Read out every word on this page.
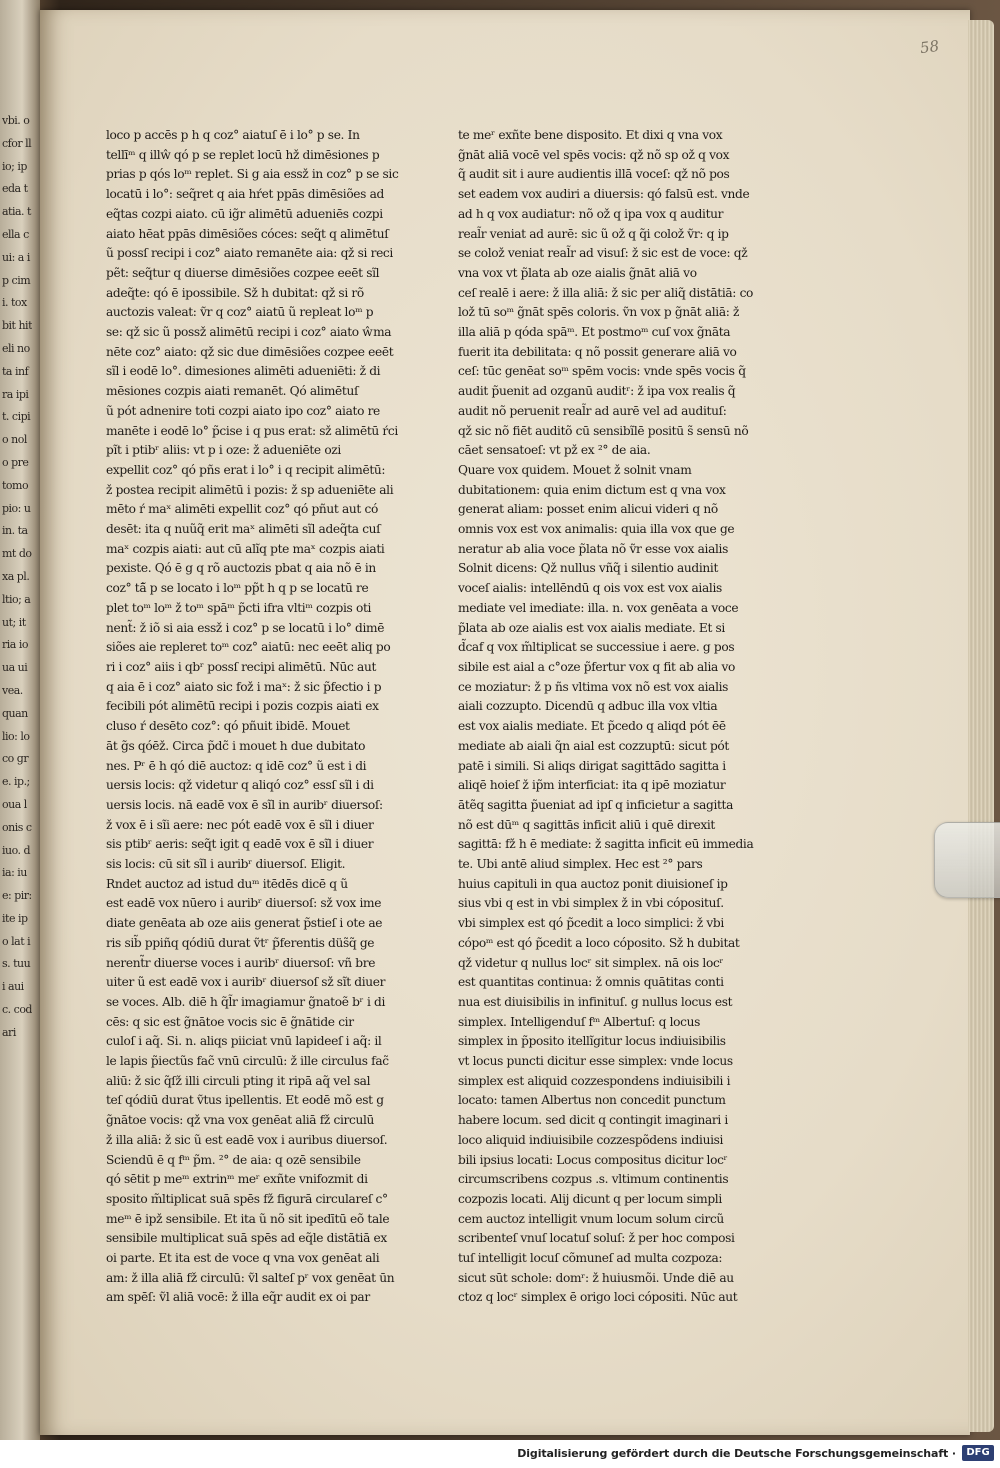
vbi. ocfor llio; ipeda tatia. tella cui: a ip cimi. toxbit hiteli nota infra ipit. cipio nolo pre tomo pio: uin. tamt doxa pl. ltio; aut; it ria ioua ui vea. quan lio: loco gre. ip.; oua lonis ciuo. dia: iue: pir: ite ipo lat is. tuui auic. cod ari
58
loco p accēs p h q coz° aiatuſ ē i lo° p se. In
tellīᵐ q illŵ qó p se replet locū hž dimēsiones p
prias p qós loᵐ replet. Si g aia essž in coz° p se sic
locatū i lo°: seq̃ret q aia hŕet ppās dimēsiões ad
eq̃tas cozpi aiato. cū ig̃r alimētū adueniēs cozpi
aiato hēat ppās dimēsiões cóces: seq̃t q alimētuſ
ũ possſ recipi i coz° aiato remanēte aia: qž si reci
pẽt: seq̃tur q diuerse dimēsiões cozpee eeēt sĩl
adeq̃te: qó ē ipossibile. Sž h dubitat: qž si rõ
auctozis valeat: ṽr q coz° aiatū ũ repleat loᵐ p
se: qž sic ũ possž alimētū recipi i coz° aiato ŵma
nēte coz° aiato: qž sic due dimēsiões cozpee eeēt
sĩl i eodē lo°. dimesiones alimēti adueniēti: ž di
mēsiones cozpis aiati remanēt. Qó alimētuſ
ũ pót adnenire toti cozpi aiato ipo coz° aiato re
manēte i eodē lo° p̃cise i q pus erat: sž alimētū ŕci
pĩt i ptibʳ aliis: vt p i oze: ž adueniēte ozi
expellit coz° qó pñs erat i lo° i q recipit alimētū:
ž postea recipit alimētū i pozis: ž sp adueniēte ali
mēto ŕ maˣ alimēti expellit coz° qó pñut aut có
desēt: ita q nuũq̃ erit maˣ alimēti sĩl adeq̃ta cuſ
maˣ cozpis aiati: aut cū alĩq pte maˣ cozpis aiati
pexiste. Qó ē g q rõ auctozis pbat q aia nõ ē in
coz° tā̃ p se locato i loᵐ pp̃t h q p se locatū re
plet toᵐ loᵐ ž toᵐ spāᵐ p̃cti ifra vltiᵐ cozpis oti
nent̃: ž iõ si aia essž i coz° p se locatū i lo° dimē
siões aie repleret toᵐ coz° aiatū: nec eeēt aliq po
ri i coz° aiis i qbʳ possſ recipi alimētū. Nūc aut
q aia ē i coz° aiato sic fož i maˣ: ž sic p̃fectio i p
fecibili pót alimētū recipi i pozis cozpis aiati ex
cluso ŕ desēto coz°: qó pñuit ibidē. Mouet
āt g̃s qóēž. Circa p̃dc̃ i mouet h due dubitato
nes. Pʳ ē h qó diē auctoz: q idē coz° ũ est i di
uersis locis: qž videtur q aliqó coz° essſ sĩl i di
uersis locis. nā eadē vox ē sĩl in auribʳ diuersoſ:
ž vox ē i sĩi aere: nec pót eadē vox ē sĩl i diuer
sis ptibʳ aeris: seq̃t igit q eadē vox ē sĩl i diuer
sis locis: cū sit sĩl i auribʳ diuersoſ. Eligit.
Rndet auctoz ad istud duᵐ itēdēs dicē q ũ
est eadē vox nūero i auribʳ diuersoſ: sž vox ime
diate genēata ab oze aiis generat p̃stieſ i ote ae
ris sib̃ ppiñq qódiū durat ṽtʳ p̃ferentis düs̃q̃ ge
nerent̃r diuerse voces i auribʳ diuersoſ: vñ bre
uiter ũ est eadē vox i auribʳ diuersoſ sž sĩt diuer
se voces. Alb. diē h q̃l̃r imagiamur g̃natoẽ bʳ i di
cēs: q sic est g̃nātoe vocis sic ē g̃nātide cir
culoſ i aq̃. Si. n. aliqs piiciat vnū lapideeſ i aq̃: il
le lapis p̃iectũs fac̃ vnū circulū: ž ille circulus fac̃
aliū: ž sic q̃ſž illi circuli pting it ripā aq̃ vel sal
teſ qódiū durat ṽtus ipellentis. Et eodē mõ est g
g̃nātoe vocis: qž vna vox genēat aliā fž circulū
ž illa aliā: ž sic ũ est eadē vox i auribus diuersoſ.
Sciendū ē q fᵐ p̃m. ²° de aia: q ozē sensibile
qó sētit p meᵐ extrinᵐ meʳ exñte vnifozmit di
sposito m̃ltiplicat suā spēs fž figurā circulareſ c°
meᵐ ē ipž sensibile. Et ita ũ nõ sit ipedītū eõ tale
sensibile multiplicat suā spēs ad eq̃le distātiā ex
oi parte. Et ita est de voce q vna vox genēat ali
am: ž illa aliā fž circulū: ṽl salteſ pʳ vox genēat ūn
am spēſ: ṽl aliā vocē: ž illa eq̃r audit ex oi par
te meʳ exñte bene disposito. Et dixi q vna vox
g̃nāt aliā vocē vel spēs vocis: qž nõ sp ož q vox
q̃ audit sit i aure audientis illā voceſ: qž nõ pos
set eadem vox audiri a diuersis: qó falsū est. vnde
ad h q vox audiatur: nõ ož q ipa vox q auditur
real̃r veniat ad aurē: sic ũ ož q q̃i colož ṽr: q ip
se colož veniat real̃r ad visuſ: ž sic est de voce: qž
vna vox vt p̃lata ab oze aialis g̃nāt aliā vo
ceſ realē i aere: ž illa aliā: ž sic per aliq̃ distātiā: co
lož tū soᵐ g̃nāt spēs coloris. ṽn vox p g̃nāt aliā: ž
illa aliā p qóda spāᵐ. Et postmoᵐ cuſ vox g̃nāta
fuerit ita debilitata: q nõ possit generare aliā vo
ceſ: tūc genēat soᵐ spēm vocis: vnde spēs vocis q̃
audit p̃uenit ad ozganū auditʳ: ž ipa vox realis q̃
audit nõ peruenit real̃r ad aurē vel ad audituſ:
qž sic nõ fiēt auditõ cū sensibĩlē positū s̃ sensū nõ
cāet sensatoeſ: vt pž ex ²° de aia.
Quare vox quidem. Mouet ž solnit vnam
dubitationem: quia enim dictum est q vna vox
generat aliam: posset enim alicui videri q nõ
omnis vox est vox animalis: quia illa vox que ge
neratur ab alia voce p̃lata nõ ṽr esse vox aialis
Solnit dicens: Qž nullus vñq̃ i silentio audinit
voceſ aialis: intellēndū q ois vox est vox aialis
mediate vel imediate: illa. n. vox genēata a voce
p̃lata ab oze aialis est vox aialis mediate. Et si
d̃caf q vox m̃ltiplicat se successiue i aere. g pos
sibile est aial a c°oze p̃fertur vox q fit ab alia vo
ce moziatur: ž p ñs vltima vox nõ est vox aialis
aiali cozzupto. Dicendū q adbuc illa vox vltia
est vox aialis mediate. Et p̃cedo q aliqd pót ēē
mediate ab aiali q̃n aial est cozzuptū: sicut pót
patē i simili. Si aliqs dirigat sagittādo sagitta i
aliqē hoieſ ž ip̃m interficiat: ita q ipē moziatur
ātẽq sagitta p̃ueniat ad ipſ q inficietur a sagitta
nõ est dūᵐ q sagittās inficit aliū i quē direxit
sagittā: fž h ē mediate: ž sagitta inficit eū immedia
te. Ubi antē aliud simplex. Hec est ²° pars
huius capituli in qua auctoz ponit diuisioneſ ip
sius vbi q est in vbi simplex ž in vbi cóposituſ.
vbi simplex est qó p̃cedit a loco simplici: ž vbi
cópoᵐ est qó p̃cedit a loco cóposito. Sž h dubitat
qž videtur q nullus locʳ sit simplex. nā ois locʳ
est quantitas continua: ž omnis quātitas conti
nua est diuisibilis in infinituſ. g nullus locus est
simplex. Intelligenduſ fᵐ Albertuſ: q locus
simplex in p̃posito itellĩgitur locus indiuisibilis
vt locus puncti dicitur esse simplex: vnde locus
simplex est aliquid cozzespondens indiuisibili i
locato: tamen Albertus non concedit punctum
habere locum. sed dicit q contingit imaginari i
loco aliquid indiuisibile cozzespõdens indiuisi
bili ipsius locati: Locus compositus dicitur locʳ
circumscribens cozpus .s. vltimum continentis
cozpozis locati. Alij dicunt q per locum simpli
cem auctoz intelligit vnum locum solum circũ
scribenteſ vnuſ locatuſ soluſ: ž per hoc composi
tuſ intelligit locuſ cõmuneſ ad multa cozpoza:
sicut sūt schole: domʳ: ž huiusmõi. Unde diē au
ctoz q locʳ simplex ē origo loci cópositi. Nūc aut
Digitalisierung gefördert durch die Deutsche Forschungsgemeinschaft ·	DFG
